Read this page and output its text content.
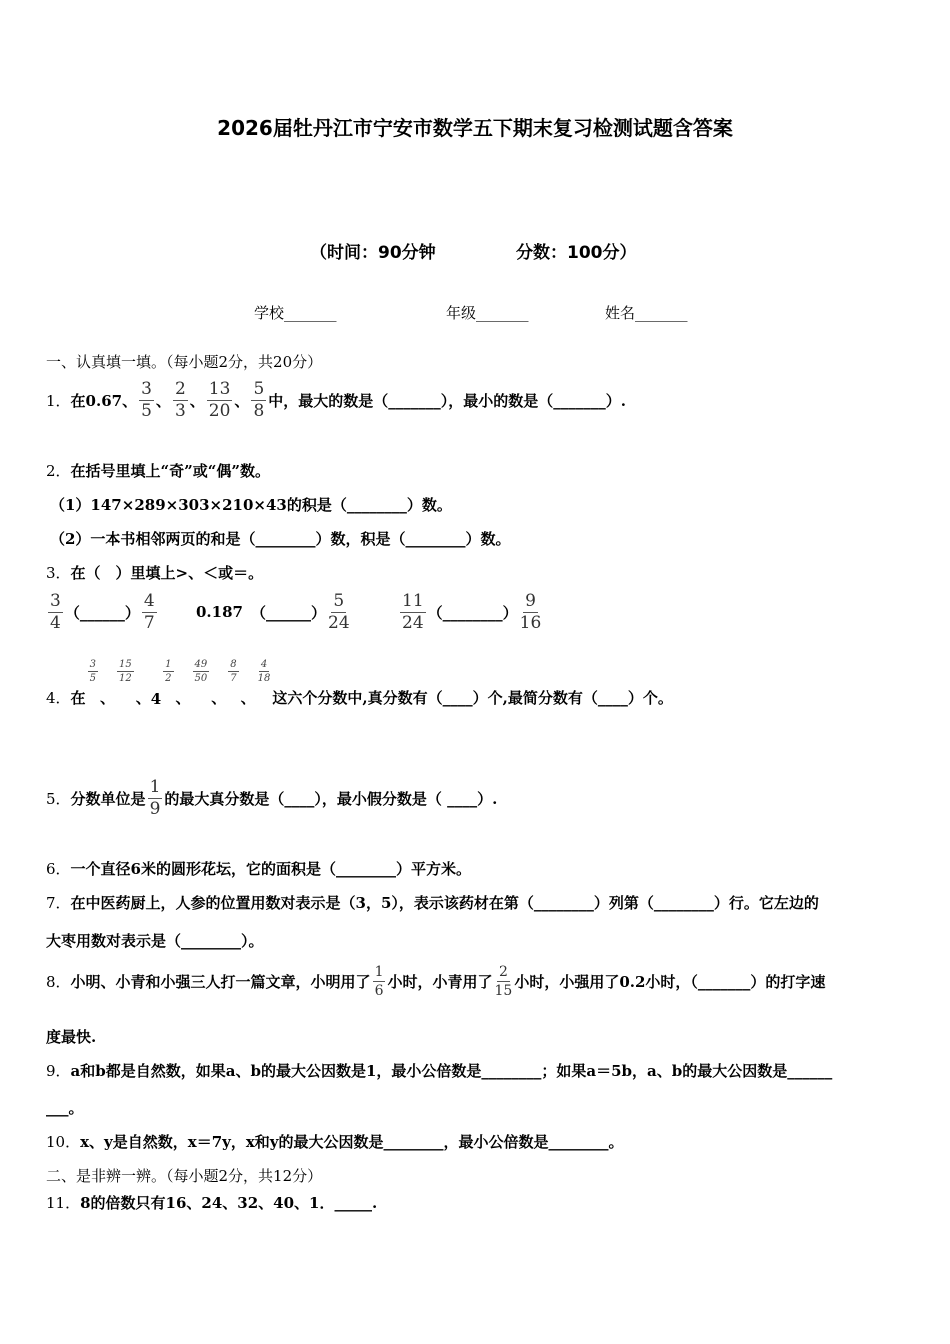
2026届牡丹江市宁安市数学五下期末复习检测试题含答案
（时间：90分钟	分数：100分）
学校_______	年级_______	姓名_______
一、认真填一填。（每小题2分，共20分）
1． 在0.67、 $\frac{3}{5}$ 、 $\frac{2}{3}$ 、 $\frac{13}{20}$ 、 $\frac{5}{8}$ 中，最大的数是（_______），最小的数是（_______）.
2．在括号里填上“奇”或“偶”数。
（1）147×289×303×210×43的积是（________）数。
（2）一本书相邻两页的和是（________）数，积是（________）数。
3．在（　）里填上>、＜或＝。
$\frac{3}{4}$ （______） $\frac{4}{7}$	0.187 （______） $\frac{5}{24}$	$\frac{11}{24}$ （________） $\frac{9}{16}$
4． 在
$\frac{3}{5}$
、
$\frac{15}{12}$
、 4
$\frac{1}{2}$
、
$\frac{49}{50}$
、
$\frac{8}{7}$
、
$\frac{4}{18}$
这六个分数中,真分数有（____）个,最简分数有（____）个。
5． 分数单位是 $\frac{1}{9}$ 的最大真分数是（____），最小假分数是（ ____）.
6．一个直径6米的圆形花坛，它的面积是（________）平方米。
7．在中医药厨上，人参的位置用数对表示是（3，5），表示该药材在第（________）列第（________）行。它左边的
大枣用数对表示是（________）。
8． 小明、小青和小强三人打一篇文章，小明用了 $\frac{1}{6}$ 小时，小青用了 $\frac{2}{15}$ 小时，小强用了0.2小时，（_______）的打字速
度最快.
9．a和b都是自然数，如果a、b的最大公因数是1，最小公倍数是________；如果a＝5b，a、b的最大公因数是______
___。
10．x、y是自然数，x＝7y，x和y的最大公因数是________，最小公倍数是________。
二、是非辨一辨。（每小题2分，共12分）
11．8的倍数只有16、24、32、40、1．_____.
